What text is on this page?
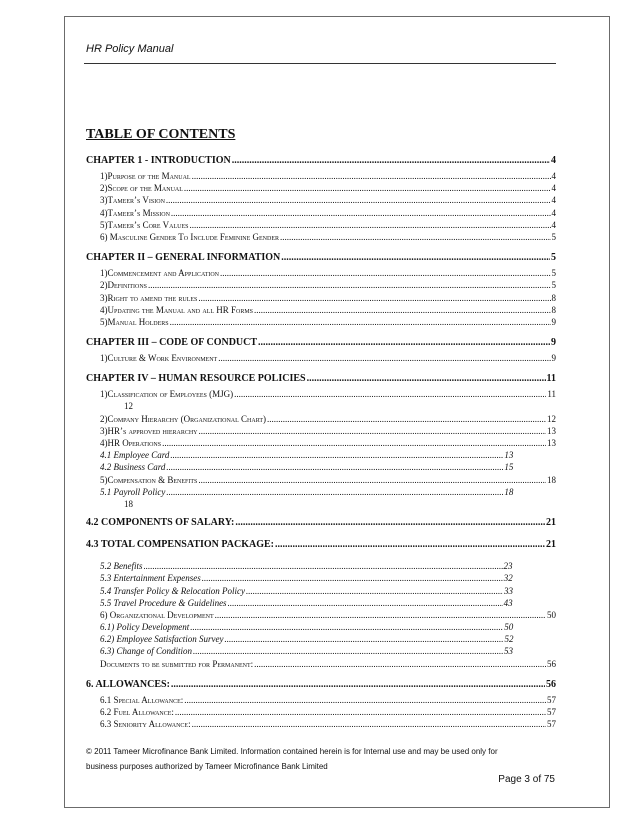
HR Policy Manual
TABLE OF CONTENTS
CHAPTER 1 - INTRODUCTION .....	4
1)Purpose of the Manual .....	4
2)Scope of the Manual .....	4
3)Tameer’s Vision .....	4
4)Tameer’s Mission .....	4
5)Tameer’s Core Values .....	4
6) Masculine Gender To Include Feminine Gender .....	5
CHAPTER II – GENERAL INFORMATION .....	5
1)Commencement and Application .....	5
2)Definitions .....	5
3)Right to amend the rules .....	8
4)Updating the Manual and all HR Forms .....	8
5)Manual Holders .....	9
CHAPTER III – CODE OF CONDUCT .....	9
1)Culture & Work Environment .....	9
CHAPTER IV – HUMAN RESOURCE POLICIES .....	11
1)Classification of Employees (MJG) .....	11
12
2)Company Hierarchy (Organizational Chart) .....	12
3)HR’s approved hierarchy .....	13
4)HR Operations .....	13
4.1 Employee Card .....	13
4.2 Business Card .....	15
5)Compensation & Benefits .....	18
5.1 Payroll Policy .....	18
18
4.2 COMPONENTS OF SALARY: .....	21
4.3 TOTAL COMPENSATION PACKAGE: .....	21
5.2 Benefits .....	23
5.3 Entertainment Expenses .....	32
5.4 Transfer Policy & Relocation Policy .....	33
5.5 Travel Procedure & Guidelines .....	43
6) Organizational Development .....	50
6.1) Policy Development .....	50
6.2) Employee Satisfaction Survey .....	52
6.3) Change of Condition .....	53
Documents to be submitted for Permanent: .....	56
6. ALLOWANCES: .....	56
6.1 Special Allowance: .....	57
6.2 Fuel Allowance: .....	57
6.3 Seniority Allowance: .....	57
© 2011 Tameer Microfinance Bank Limited. Information contained herein is for Internal use and may be used only for
business purposes authorized by Tameer Microfinance Bank Limited
Page 3 of 75
